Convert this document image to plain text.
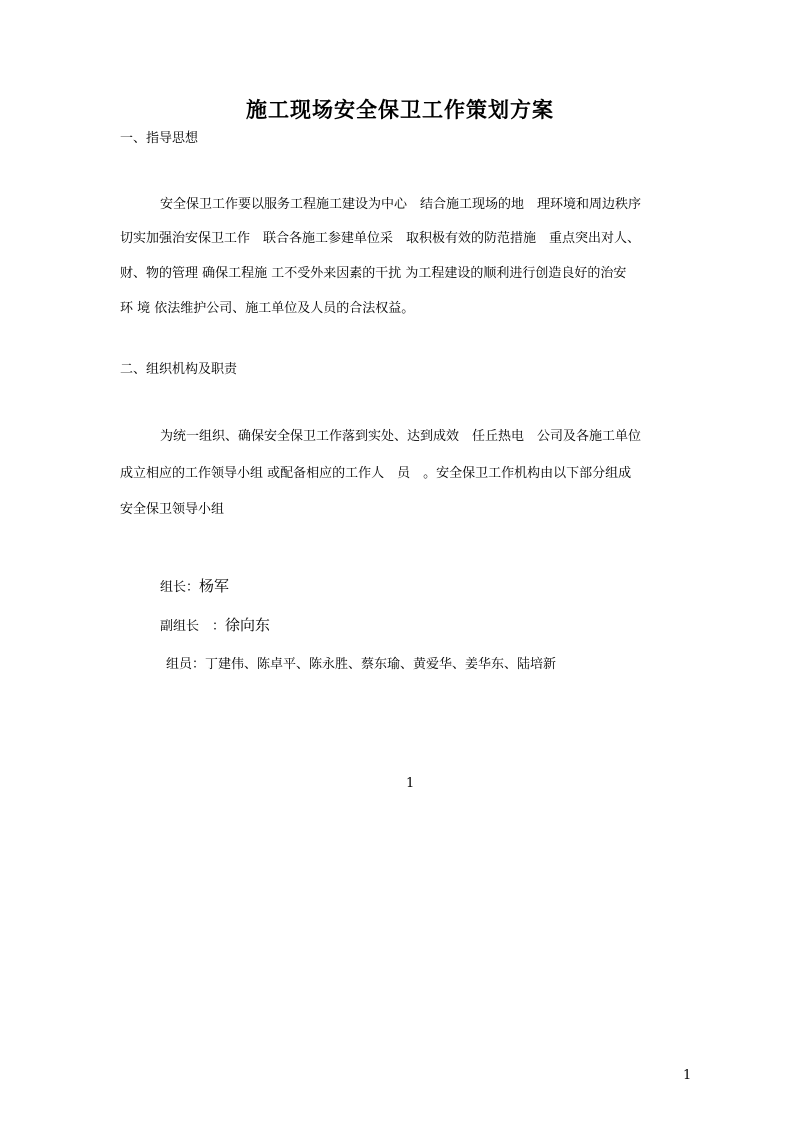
施工现场安全保卫工作策划方案
一、指导思想
安全保卫工作要以服务工程施工建设为中心　结合施工现场的地　理环境和周边秩序
切实加强治安保卫工作　联合各施工参建单位采　取积极有效的防范措施　重点突出对人、
财、物的管理 确保工程施 工不受外来因素的干扰 为工程建设的顺利进行创造良好的治安
环 境 依法维护公司、施工单位及人员的合法权益。
二、组织机构及职责
为统一组织、确保安全保卫工作落到实处、达到成效　任丘热电　公司及各施工单位
成立相应的工作领导小组 或配备相应的工作人　员　。安全保卫工作机构由以下部分组成
安全保卫领导小组
组长：杨军
副组长　：徐向东
组员：丁建伟、陈卓平、陈永胜、蔡东瑜、黄爱华、姜华东、陆培新
1
1
